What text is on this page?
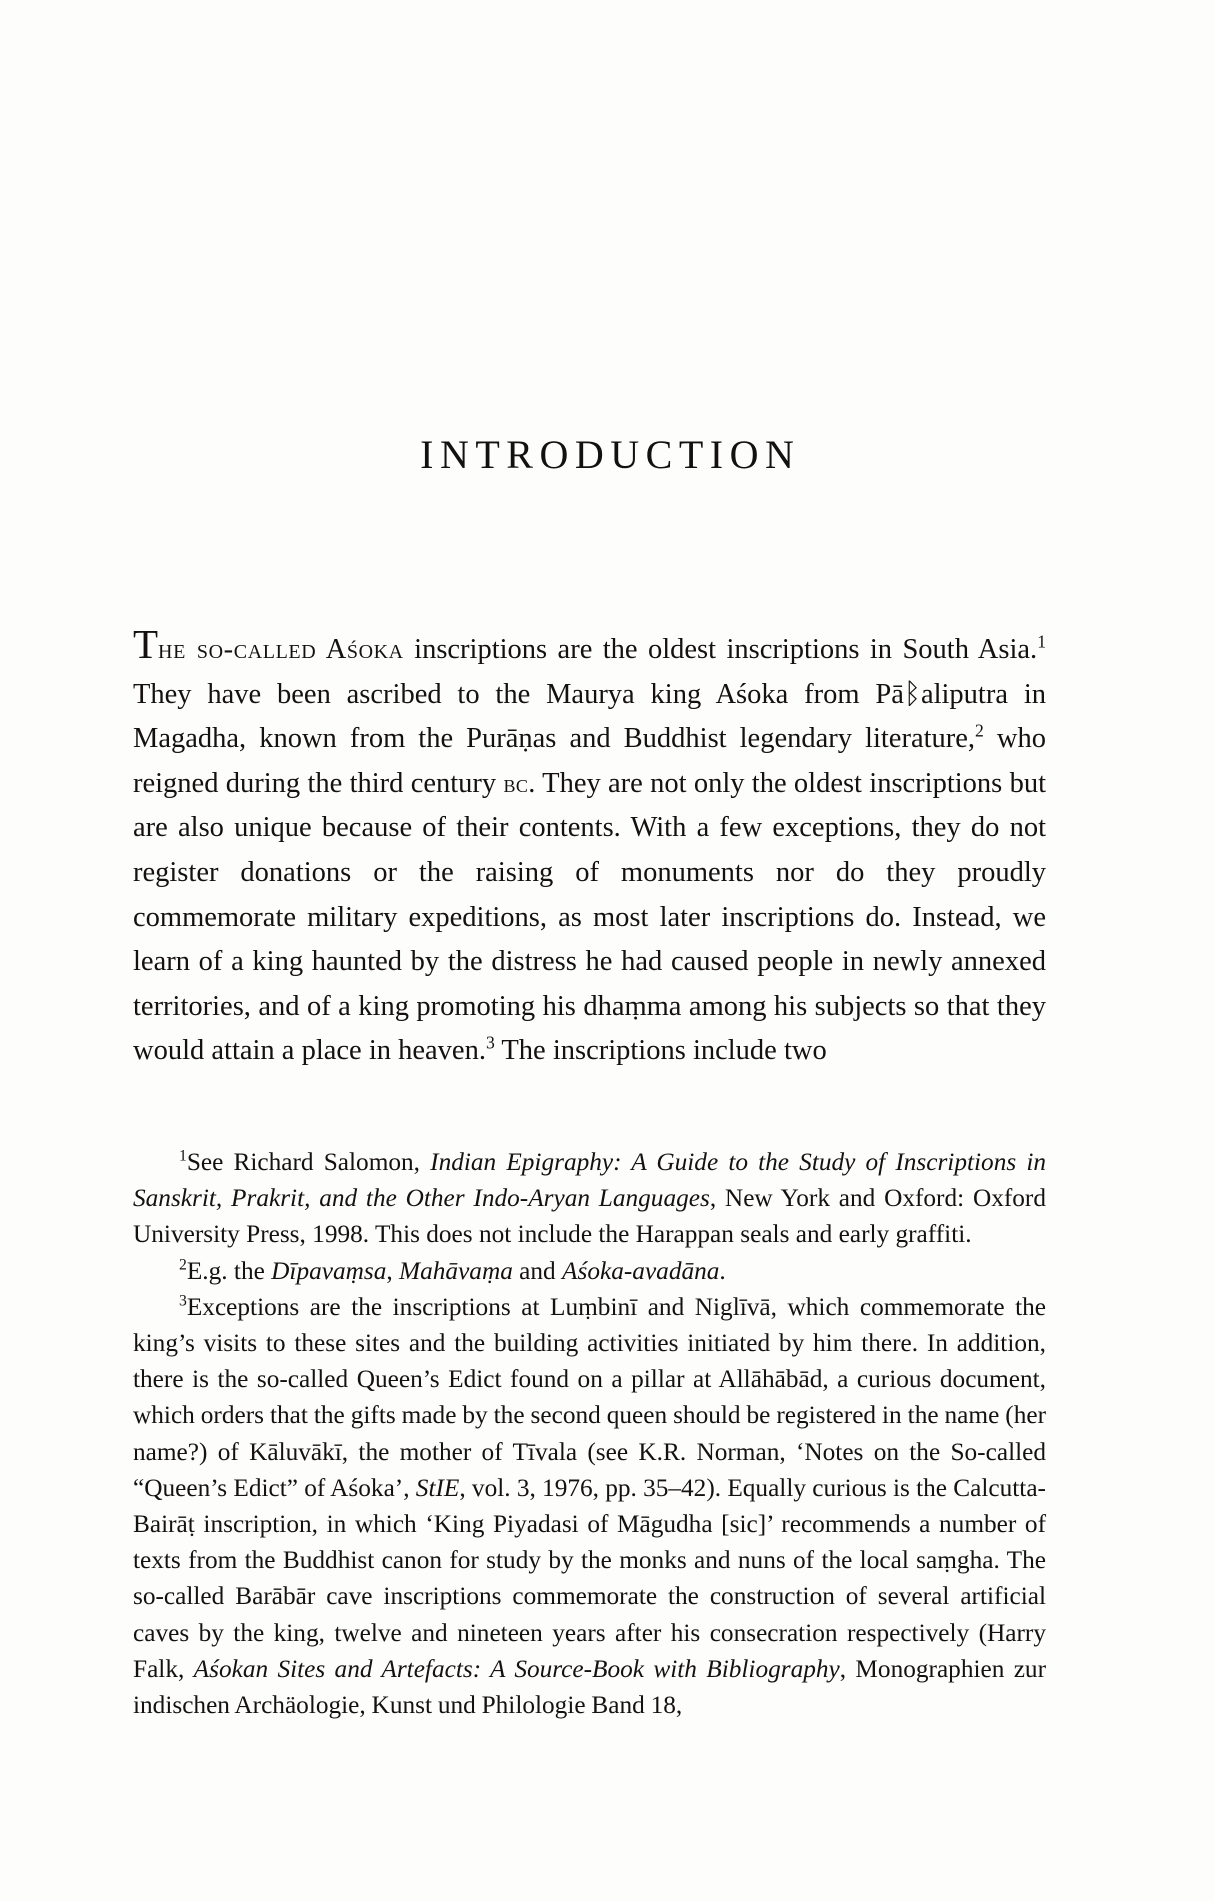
INTRODUCTION

The so-called Aśoka inscriptions are the oldest inscriptions in South Asia.$^1$ They have been ascribed to the Maurya king Aśoka from Pāᛒaliputra in Magadha, known from the Purāṇas and Buddhist legendary literature,$^2$ who reigned during the third century bc. They are not only the oldest inscriptions but are also unique because of their contents. With a few exceptions, they do not register donations or the raising of monuments nor do they proudly commemorate military expeditions, as most later inscriptions do. Instead, we learn of a king haunted by the distress he had caused people in newly annexed territories, and of a king promoting his dhaṃma among his subjects so that they would attain a place in heaven.$^3$ The inscriptions include two

$^1$See Richard Salomon, Indian Epigraphy: A Guide to the Study of Inscriptions in Sanskrit, Prakrit, and the Other Indo-Aryan Languages, New York and Oxford: Oxford University Press, 1998. This does not include the Harappan seals and early graffiti.

$^2$E.g. the Dīpavaṃsa, Mahāvaṃa and Aśoka-avadāna.

$^3$Exceptions are the inscriptions at Luṃbinī and Niglīvā, which commemorate the king’s visits to these sites and the building activities initiated by him there. In addition, there is the so-called Queen’s Edict found on a pillar at Allāhābād, a curious document, which orders that the gifts made by the second queen should be registered in the name (her name?) of Kāluvākī, the mother of Tīvala (see K.R. Norman, ‘Notes on the So-called “Queen’s Edict” of Aśoka’, StIE, vol. 3, 1976, pp. 35–42). Equally curious is the Calcutta-Bairāṭ inscription, in which ‘King Piyadasi of Māgudha [sic]’ recommends a number of texts from the Buddhist canon for study by the monks and nuns of the local saṃgha. The so-called Barābār cave inscriptions commemorate the construction of several artificial caves by the king, twelve and nineteen years after his consecration respectively (Harry Falk, Aśokan Sites and Artefacts: A Source-Book with Bibliography, Monographien zur indischen Archäologie, Kunst und Philologie Band 18,
